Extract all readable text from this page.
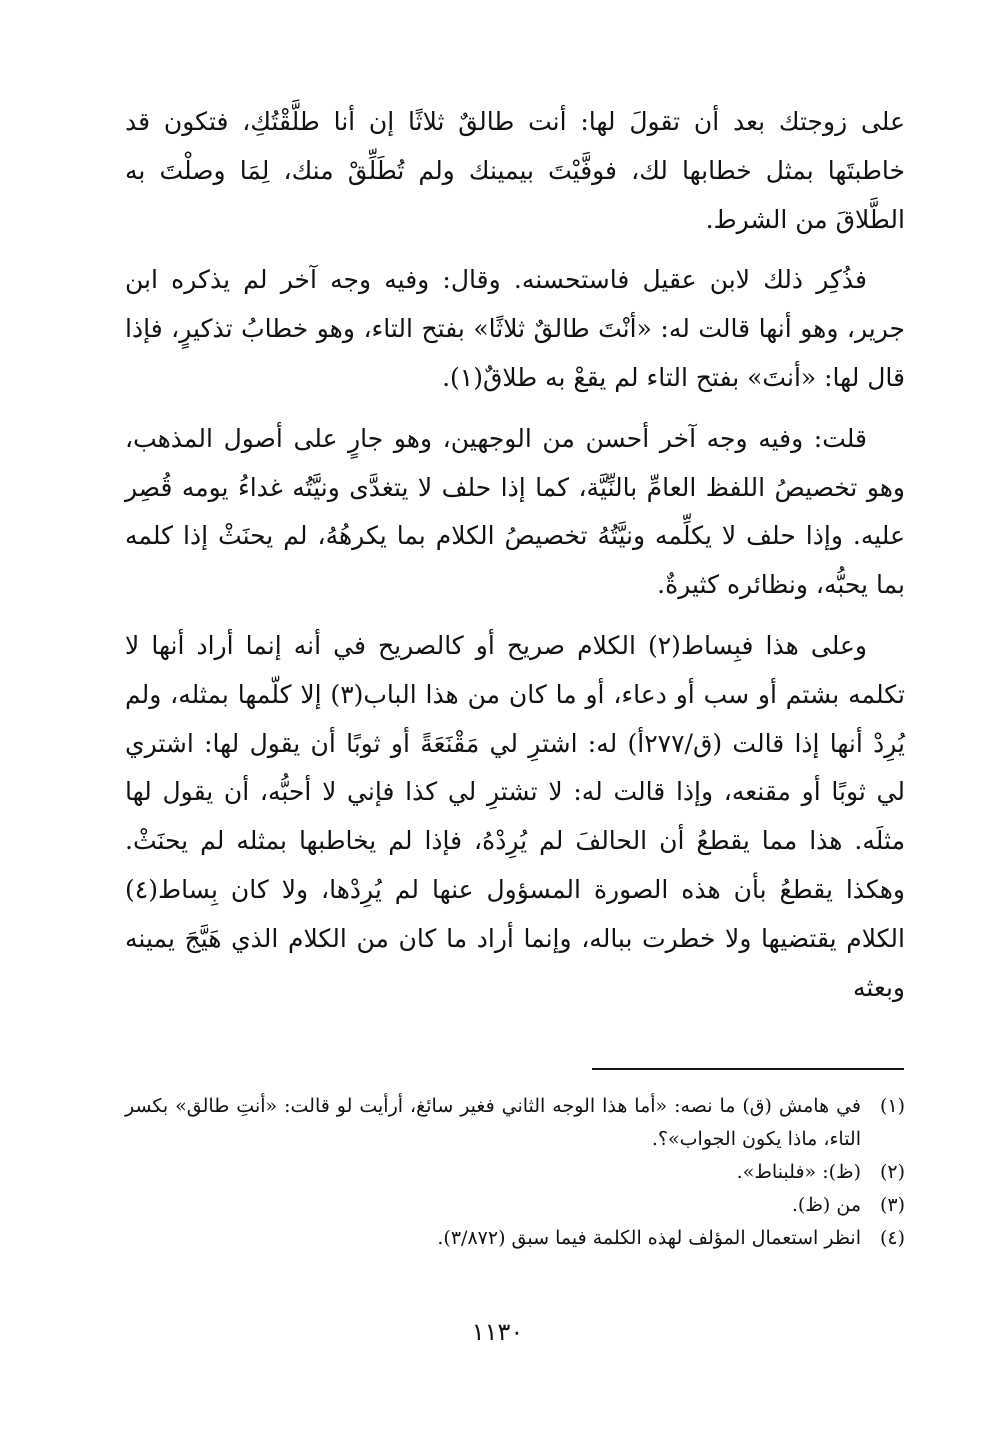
على زوجتك بعد أن تقولَ لها: أنت طالقٌ ثلاثًا إن أنا طلَّقْتُكِ، فتكون قد خاطبتَها بمثل خطابها لك، فوفَّيْتَ بيمينك ولم تُطَلِّقْ منك، لِمَا وصلْتَ به الطَّلاقَ من الشرط.

فذُكِر ذلك لابن عقيل فاستحسنه. وقال: وفيه وجه آخر لم يذكره ابن جرير، وهو أنها قالت له: «أنْتَ طالقٌ ثلاثًا» بفتح التاء، وهو خطابُ تذكيرٍ، فإذا قال لها: «أنتَ» بفتح التاء لم يقعْ به طلاقٌ(١).

قلت: وفيه وجه آخر أحسن من الوجهين، وهو جارٍ على أصول المذهب، وهو تخصيصُ اللفظ العامِّ بالنِّيَّة، كما إذا حلف لا يتغدَّى ونيَّتُه غداءُ يومه قُصِر عليه. وإذا حلف لا يكلِّمه ونيَّتُهُ تخصيصُ الكلام بما يكرهُهُ، لم يحنَثْ إذا كلمه بما يحبُّه، ونظائره كثيرةٌ.

وعلى هذا فبِساط(٢) الكلام صريح أو كالصريح في أنه إنما أراد أنها لا تكلمه بشتم أو سب أو دعاء، أو ما كان من هذا الباب(٣) إلا كلّمها بمثله، ولم يُرِدْ أنها إذا قالت (ق/٢٧٧أ) له: اشترِ لي مَقْنَعَةً أو ثوبًا أن يقول لها: اشتري لي ثوبًا أو مقنعه، وإذا قالت له: لا تشترِ لي كذا فإني لا أحبُّه، أن يقول لها مثلَه. هذا مما يقطعُ أن الحالفَ لم يُرِدْهُ، فإذا لم يخاطبها بمثله لم يحنَثْ. وهكذا يقطعُ بأن هذه الصورة المسؤول عنها لم يُرِدْها، ولا كان بِساط(٤) الكلام يقتضيها ولا خطرت بباله، وإنما أراد ما كان من الكلام الذي هَيَّجَ يمينه وبعثه

(١)
في هامش (ق) ما نصه: «أما هذا الوجه الثاني فغير سائغ، أرأيت لو قالت: «أنتِ طالق» بكسر التاء، ماذا يكون الجواب»؟.
(٢)
(ظ): «فلبناط».
(٣)
من (ظ).
(٤)
انظر استعمال المؤلف لهذه الكلمة فيما سبق (٣/٨٧٢).
١١٣٠
